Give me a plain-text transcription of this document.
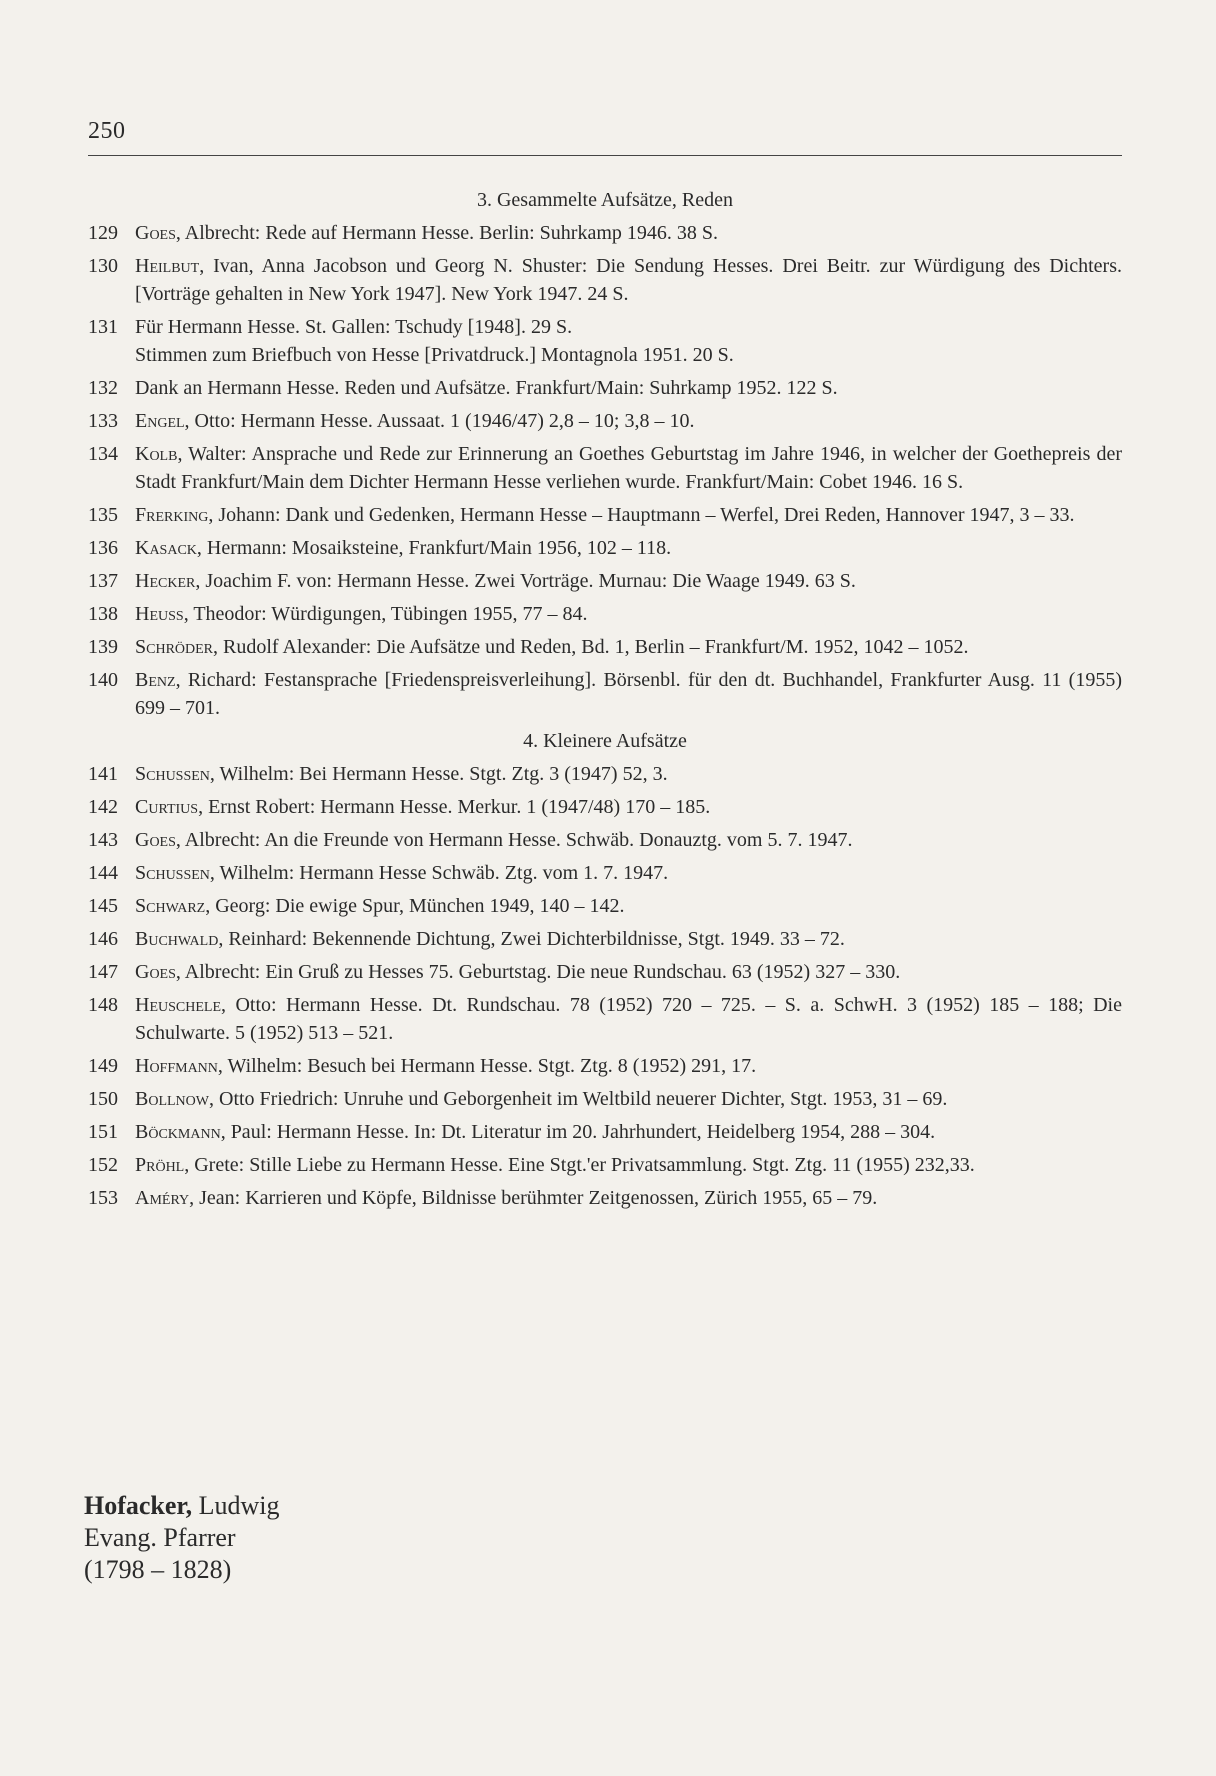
250
3. Gesammelte Aufsätze, Reden
129 Goes, Albrecht: Rede auf Hermann Hesse. Berlin: Suhrkamp 1946. 38 S.
130 Heilbut, Ivan, Anna Jacobson und Georg N. Shuster: Die Sendung Hesses. Drei Beitr. zur Würdigung des Dichters. [Vorträge gehalten in New York 1947]. New York 1947. 24 S.
131 Für Hermann Hesse. St. Gallen: Tschudy [1948]. 29 S.
Stimmen zum Briefbuch von Hesse [Privatdruck.] Montagnola 1951. 20 S.
132 Dank an Hermann Hesse. Reden und Aufsätze. Frankfurt/Main: Suhrkamp 1952. 122 S.
133 Engel, Otto: Hermann Hesse. Aussaat. 1 (1946/47) 2,8 – 10; 3,8 – 10.
134 Kolb, Walter: Ansprache und Rede zur Erinnerung an Goethes Geburtstag im Jahre 1946, in welcher der Goethepreis der Stadt Frankfurt/Main dem Dichter Hermann Hesse verliehen wurde. Frankfurt/Main: Cobet 1946. 16 S.
135 Frerking, Johann: Dank und Gedenken, Hermann Hesse – Hauptmann – Werfel, Drei Reden, Hannover 1947, 3 – 33.
136 Kasack, Hermann: Mosaiksteine, Frankfurt/Main 1956, 102 – 118.
137 Hecker, Joachim F. von: Hermann Hesse. Zwei Vorträge. Murnau: Die Waage 1949. 63 S.
138 Heuss, Theodor: Würdigungen, Tübingen 1955, 77 – 84.
139 Schröder, Rudolf Alexander: Die Aufsätze und Reden, Bd. 1, Berlin – Frankfurt/M. 1952, 1042 – 1052.
140 Benz, Richard: Festansprache [Friedenspreisverleihung]. Börsenbl. für den dt. Buchhandel, Frankfurter Ausg. 11 (1955) 699 – 701.
4. Kleinere Aufsätze
141 Schussen, Wilhelm: Bei Hermann Hesse. Stgt. Ztg. 3 (1947) 52, 3.
142 Curtius, Ernst Robert: Hermann Hesse. Merkur. 1 (1947/48) 170 – 185.
143 Goes, Albrecht: An die Freunde von Hermann Hesse. Schwäb. Donauztg. vom 5. 7. 1947.
144 Schussen, Wilhelm: Hermann Hesse Schwäb. Ztg. vom 1. 7. 1947.
145 Schwarz, Georg: Die ewige Spur, München 1949, 140 – 142.
146 Buchwald, Reinhard: Bekennende Dichtung, Zwei Dichterbildnisse, Stgt. 1949. 33 – 72.
147 Goes, Albrecht: Ein Gruß zu Hesses 75. Geburtstag. Die neue Rundschau. 63 (1952) 327 – 330.
148 Heuschele, Otto: Hermann Hesse. Dt. Rundschau. 78 (1952) 720 – 725. – S. a. SchwH. 3 (1952) 185 – 188; Die Schulwarte. 5 (1952) 513 – 521.
149 Hoffmann, Wilhelm: Besuch bei Hermann Hesse. Stgt. Ztg. 8 (1952) 291, 17.
150 Bollnow, Otto Friedrich: Unruhe und Geborgenheit im Weltbild neuerer Dichter, Stgt. 1953, 31 – 69.
151 Böckmann, Paul: Hermann Hesse. In: Dt. Literatur im 20. Jahrhundert, Heidelberg 1954, 288 – 304.
152 Pröhl, Grete: Stille Liebe zu Hermann Hesse. Eine Stgt.'er Privatsammlung. Stgt. Ztg. 11 (1955) 232,33.
153 Améry, Jean: Karrieren und Köpfe, Bildnisse berühmter Zeitgenossen, Zürich 1955, 65 – 79.
Hofacker, Ludwig
Evang. Pfarrer
(1798 – 1828)
